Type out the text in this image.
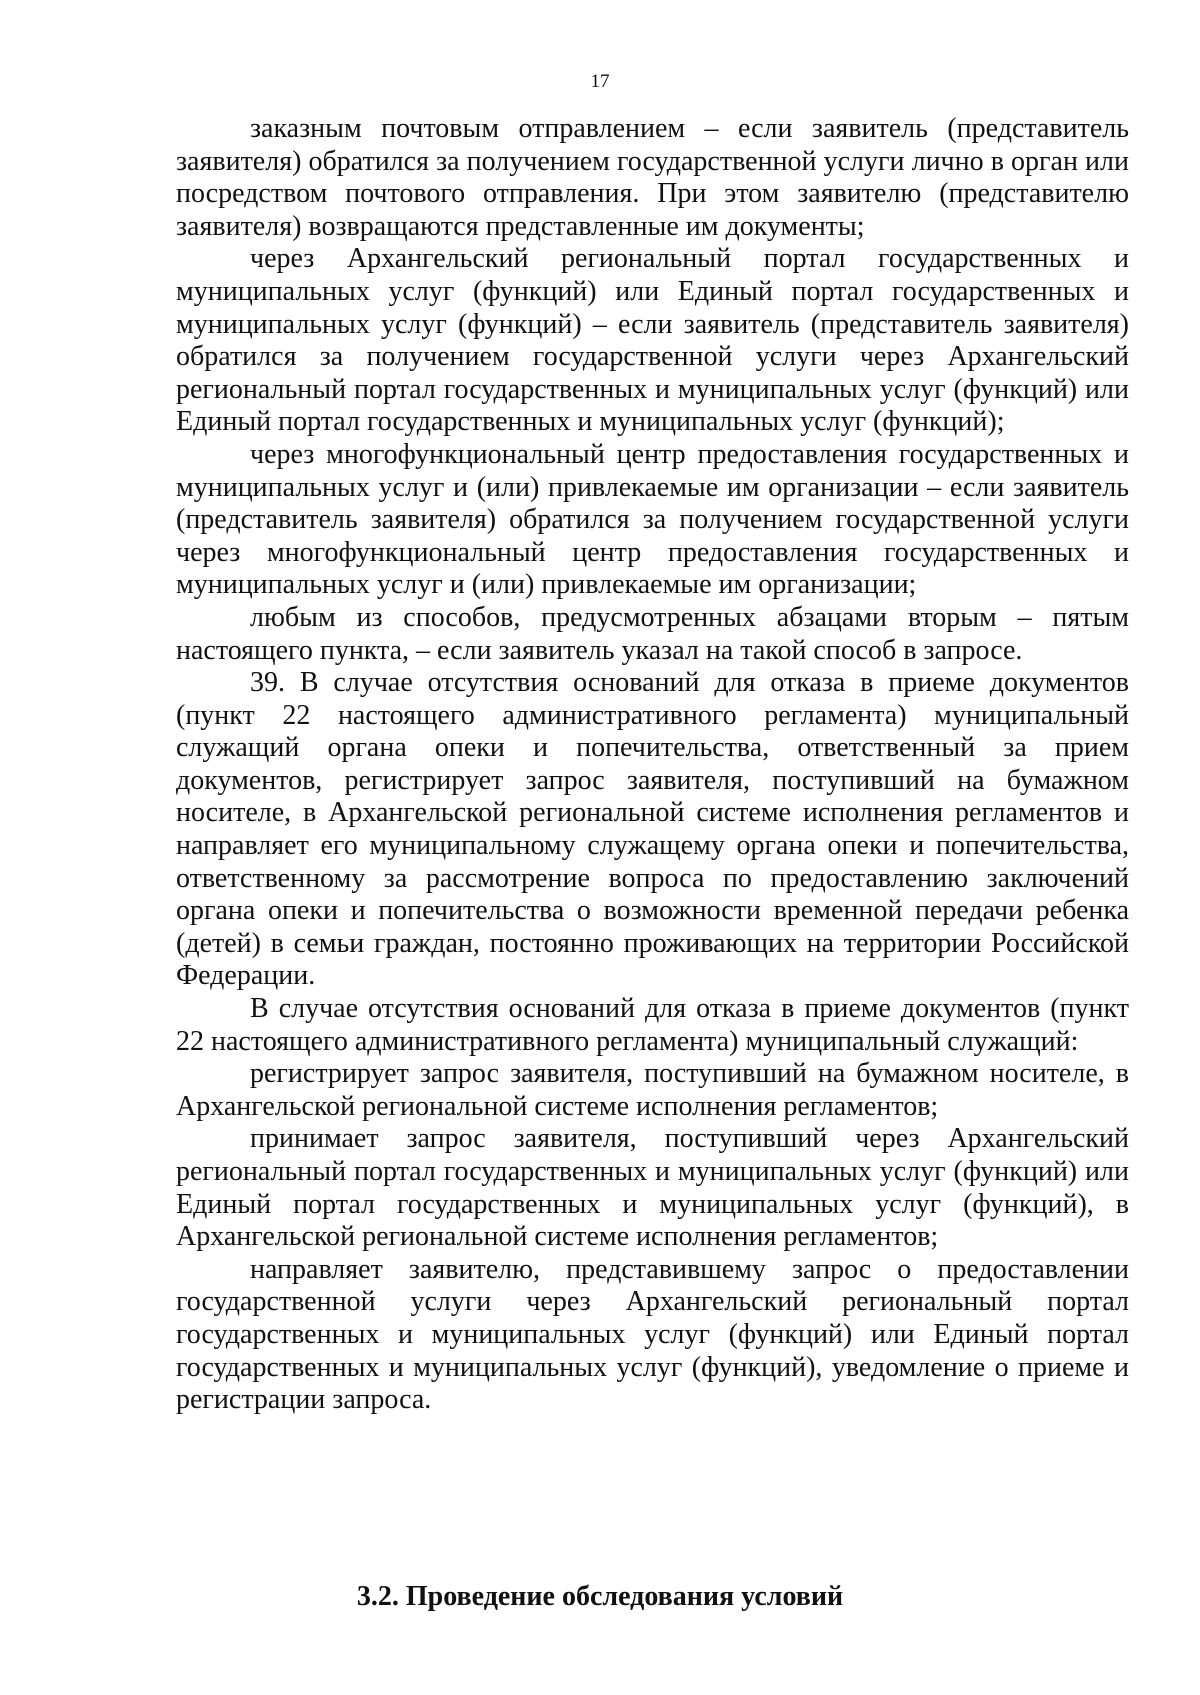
17

заказным почтовым отправлением – если заявитель (представитель заявителя) обратился за получением государственной услуги лично в орган или посредством почтового отправления. При этом заявителю (представителю заявителя) возвращаются представленные им документы;

через Архангельский региональный портал государственных и муниципальных услуг (функций) или Единый портал государственных и муниципальных услуг (функций) – если заявитель (представитель заявителя) обратился за получением государственной услуги через Архангельский региональный портал государственных и муниципальных услуг (функций) или Единый портал государственных и муниципальных услуг (функций);

через многофункциональный центр предоставления государственных и муниципальных услуг и (или) привлекаемые им организации – если заявитель (представитель заявителя) обратился за получением государственной услуги через многофункциональный центр предоставления государственных и муниципальных услуг и (или) привлекаемые им организации;

любым из способов, предусмотренных абзацами вторым – пятым настоящего пункта, – если заявитель указал на такой способ в запросе.

39. В случае отсутствия оснований для отказа в приеме документов (пункт 22 настоящего административного регламента) муниципальный служащий органа опеки и попечительства, ответственный за прием документов, регистрирует запрос заявителя, поступивший на бумажном носителе, в Архангельской региональной системе исполнения регламентов и направляет его муниципальному служащему органа опеки и попечительства, ответственному за рассмотрение вопроса по предоставлению заключений органа опеки и попечительства о возможности временной передачи ребенка (детей) в семьи граждан, постоянно проживающих на территории Российской Федерации.

В случае отсутствия оснований для отказа в приеме документов (пункт 22 настоящего административного регламента) муниципальный служащий:

регистрирует запрос заявителя, поступивший на бумажном носителе, в Архангельской региональной системе исполнения регламентов;

принимает запрос заявителя, поступивший через Архангельский региональный портал государственных и муниципальных услуг (функций) или Единый портал государственных и муниципальных услуг (функций), в Архангельской региональной системе исполнения регламентов;

направляет заявителю, представившему запрос о предоставлении государственной услуги через Архангельский региональный портал государственных и муниципальных услуг (функций) или Единый портал государственных и муниципальных услуг (функций), уведомление о приеме и регистрации запроса.

3.2. Проведение обследования условий
